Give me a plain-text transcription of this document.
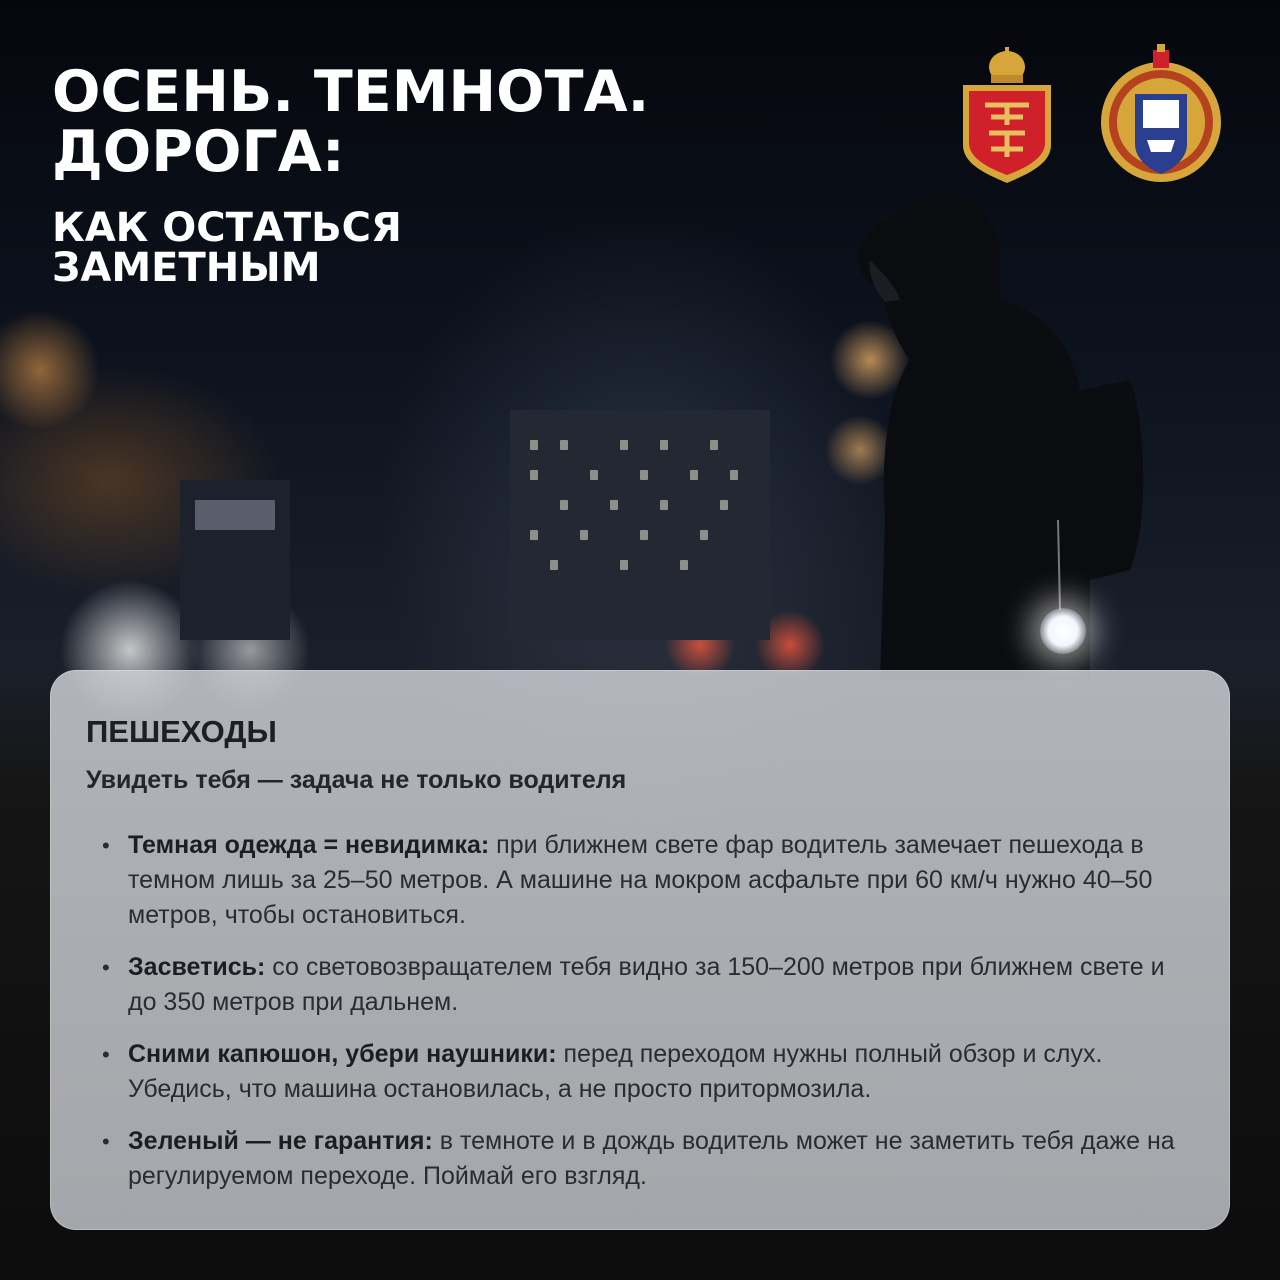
ОСЕНЬ. ТЕМНОТА.
ДОРОГА:
КАК ОСТАТЬСЯ
ЗАМЕТНЫМ
ПЕШЕХОДЫ
Увидеть тебя — задача не только водителя
• Темная одежда = невидимка: при ближнем свете фар водитель замечает пешехода в темном лишь за 25–50 метров. А машине на мокром асфальте при 60 км/ч нужно 40–50 метров, чтобы остановиться.
• Засветись: со световозвращателем тебя видно за 150–200 метров при ближнем свете и до 350 метров при дальнем.
• Сними капюшон, убери наушники: перед переходом нужны полный обзор и слух. Убедись, что машина остановилась, а не просто притормозила.
• Зеленый — не гарантия: в темноте и в дождь водитель может не заметить тебя даже на регулируемом переходе. Поймай его взгляд.
